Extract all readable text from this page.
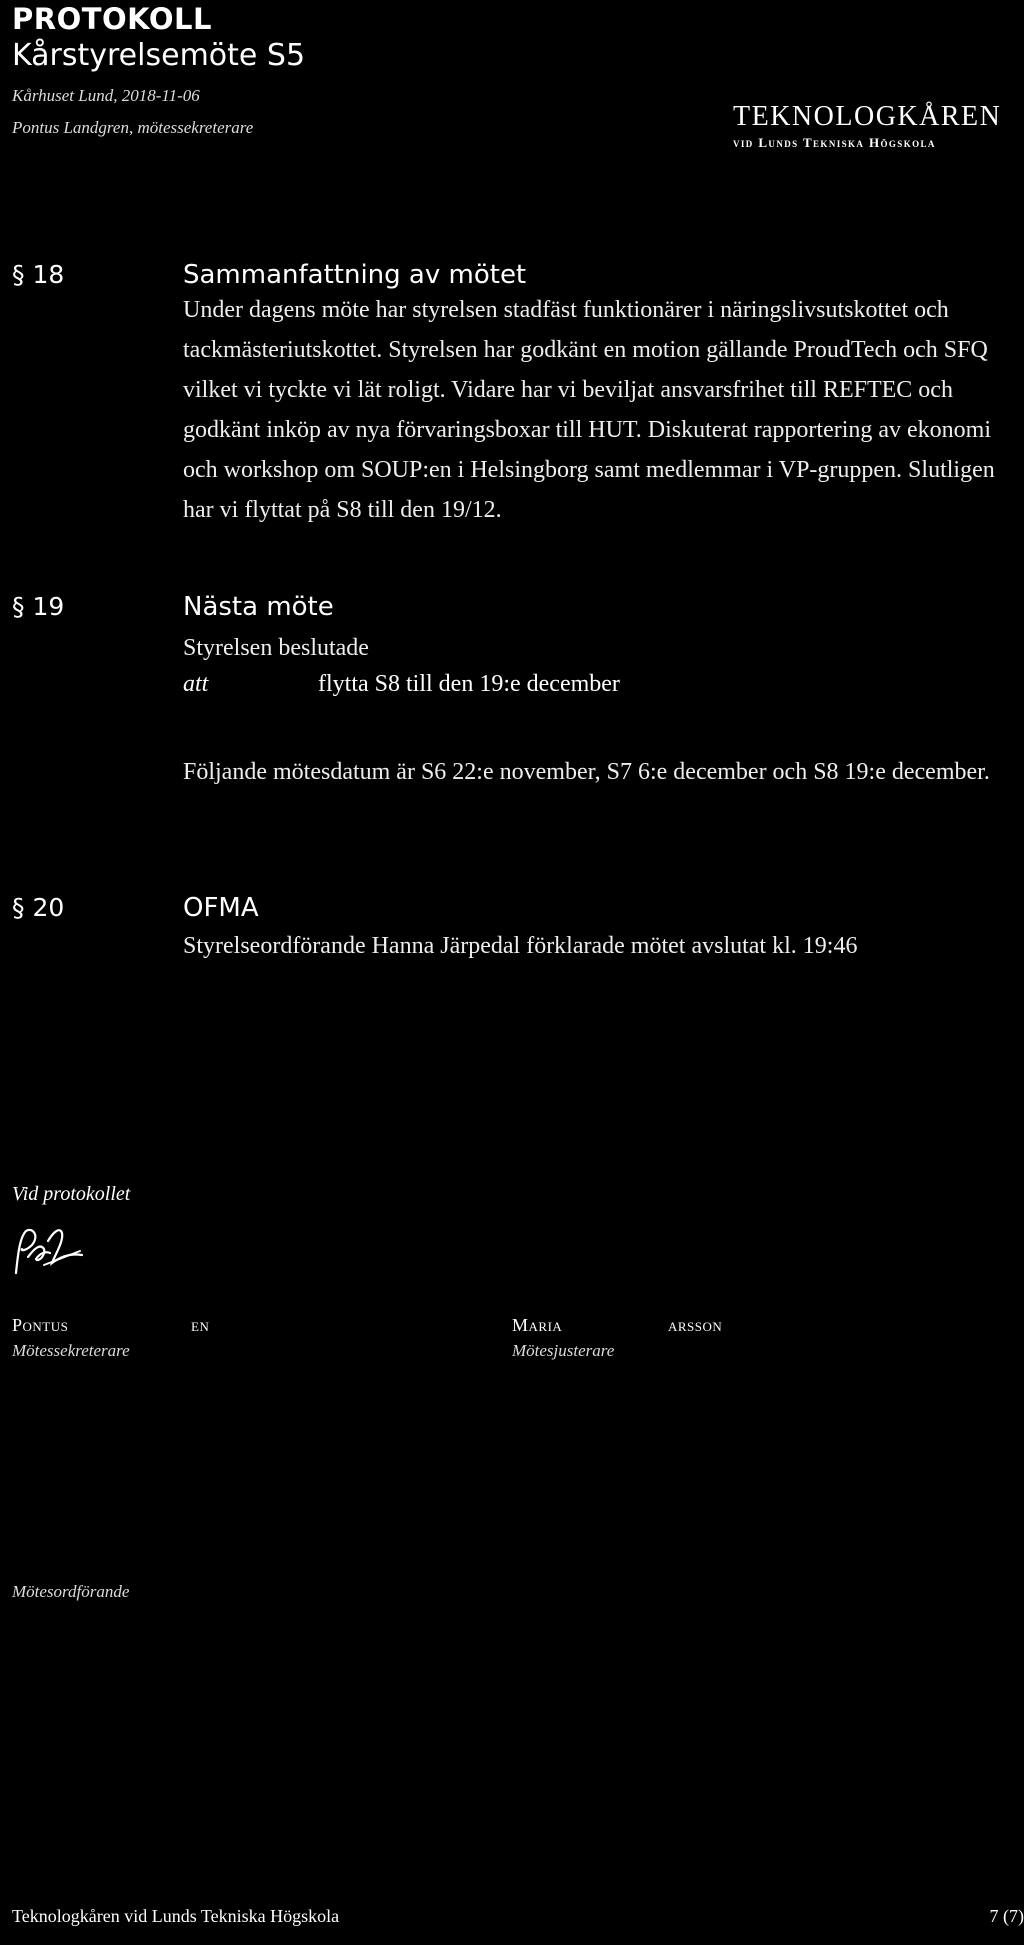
PROTOKOLL
Kårstyrelsemöte S5
Kårhuset Lund, 2018-11-06
Pontus Landgren, mötessekreterare	TEKNOLOGKÅREN
vid Lunds Tekniska Högskola
§ 18	Sammanfattning av mötet
Under dagens möte har styrelsen stadfäst funktionärer i näringslivsutskottet och tackmästeriutskottet. Styrelsen har godkänt en motion gällande ProudTech och SFQ vilket vi tyckte vi lät roligt. Vidare har vi beviljat ansvarsfrihet till REFTEC och godkänt inköp av nya förvaringsboxar till HUT. Diskuterat rapportering av ekonomi och workshop om SOUP:en i Helsingborg samt medlemmar i VP-gruppen. Slutligen har vi flyttat på S8 till den 19/12.
§ 19	Nästa möte
Styrelsen beslutade
att	flytta S8 till den 19:e december
Följande mötesdatum är S6 22:e november, S7 6:e december och S8 19:e december.
§ 20	OFMA
Styrelseordförande Hanna Järpedal förklarade mötet avslutat kl. 19:46
Vid protokollet
Pontus	en
Mötessekreterare
Maria	arsson
Mötesjusterare
Mötesordförande
Teknologkåren vid Lunds Tekniska Högskola	7 (7)
